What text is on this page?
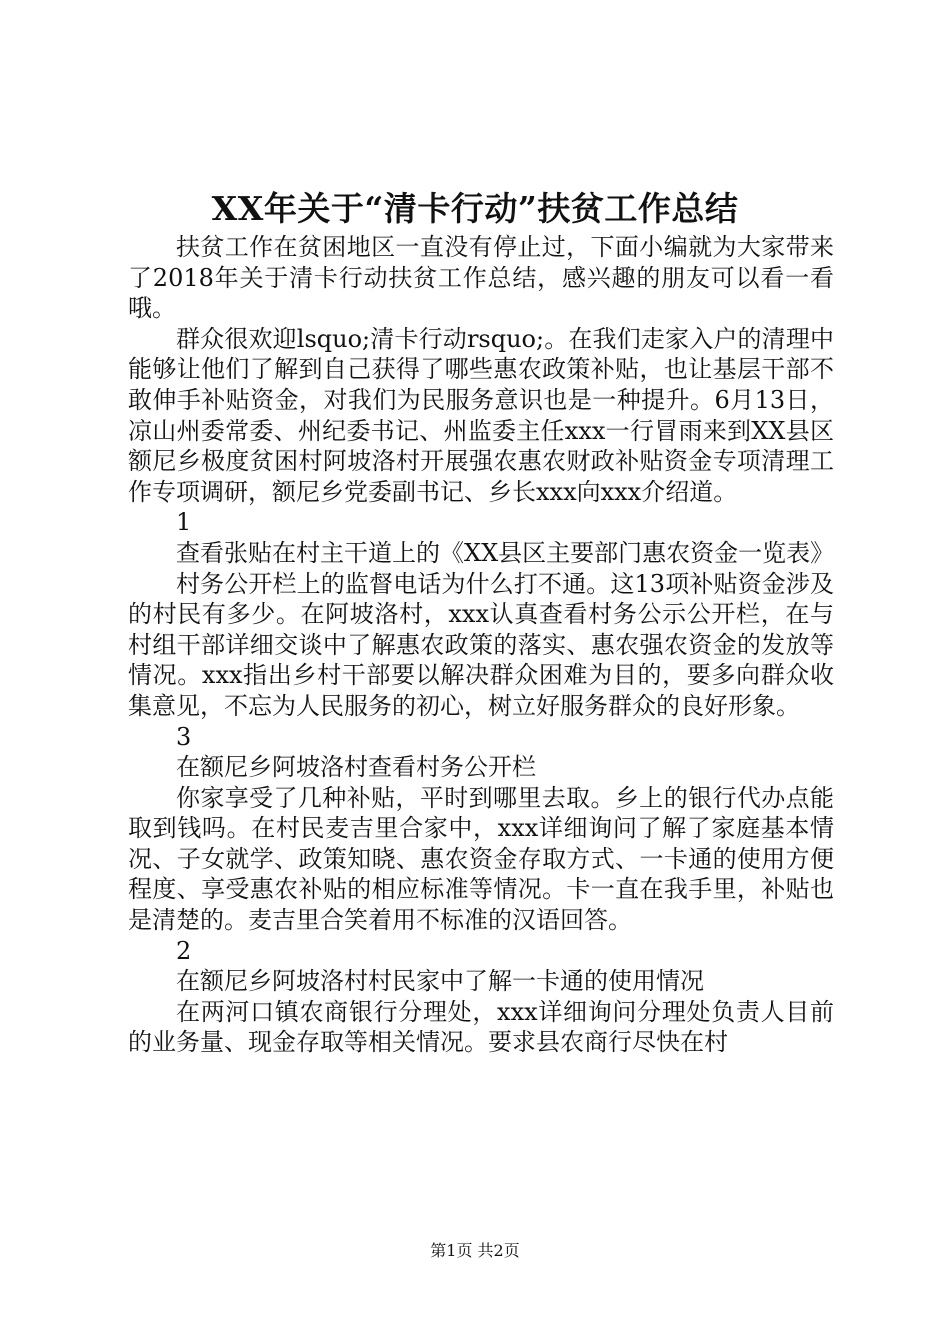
XX年关于“清卡行动”扶贫工作总结

扶贫工作在贫困地区一直没有停止过，下面小编就为大家带来了2018年关于清卡行动扶贫工作总结，感兴趣的朋友可以看一看哦。

群众很欢迎lsquo;清卡行动rsquo;。在我们走家入户的清理中能够让他们了解到自己获得了哪些惠农政策补贴，也让基层干部不敢伸手补贴资金，对我们为民服务意识也是一种提升。6月13日，凉山州委常委、州纪委书记、州监委主任xxx一行冒雨来到XX县区额尼乡极度贫困村阿坡洛村开展强农惠农财政补贴资金专项清理工作专项调研，额尼乡党委副书记、乡长xxx向xxx介绍道。

1

查看张贴在村主干道上的《XX县区主要部门惠农资金一览表》

村务公开栏上的监督电话为什么打不通。这13项补贴资金涉及的村民有多少。在阿坡洛村，xxx认真查看村务公示公开栏，在与村组干部详细交谈中了解惠农政策的落实、惠农强农资金的发放等情况。xxx指出乡村干部要以解决群众困难为目的，要多向群众收集意见，不忘为人民服务的初心，树立好服务群众的良好形象。

3

在额尼乡阿坡洛村查看村务公开栏

你家享受了几种补贴，平时到哪里去取。乡上的银行代办点能取到钱吗。在村民麦吉里合家中，xxx详细询问了解了家庭基本情况、子女就学、政策知晓、惠农资金存取方式、一卡通的使用方便程度、享受惠农补贴的相应标准等情况。卡一直在我手里，补贴也是清楚的。麦吉里合笑着用不标准的汉语回答。

2

在额尼乡阿坡洛村村民家中了解一卡通的使用情况

在两河口镇农商银行分理处，xxx详细询问分理处负责人目前的业务量、现金存取等相关情况。要求县农商行尽快在村

第1页 共2页
